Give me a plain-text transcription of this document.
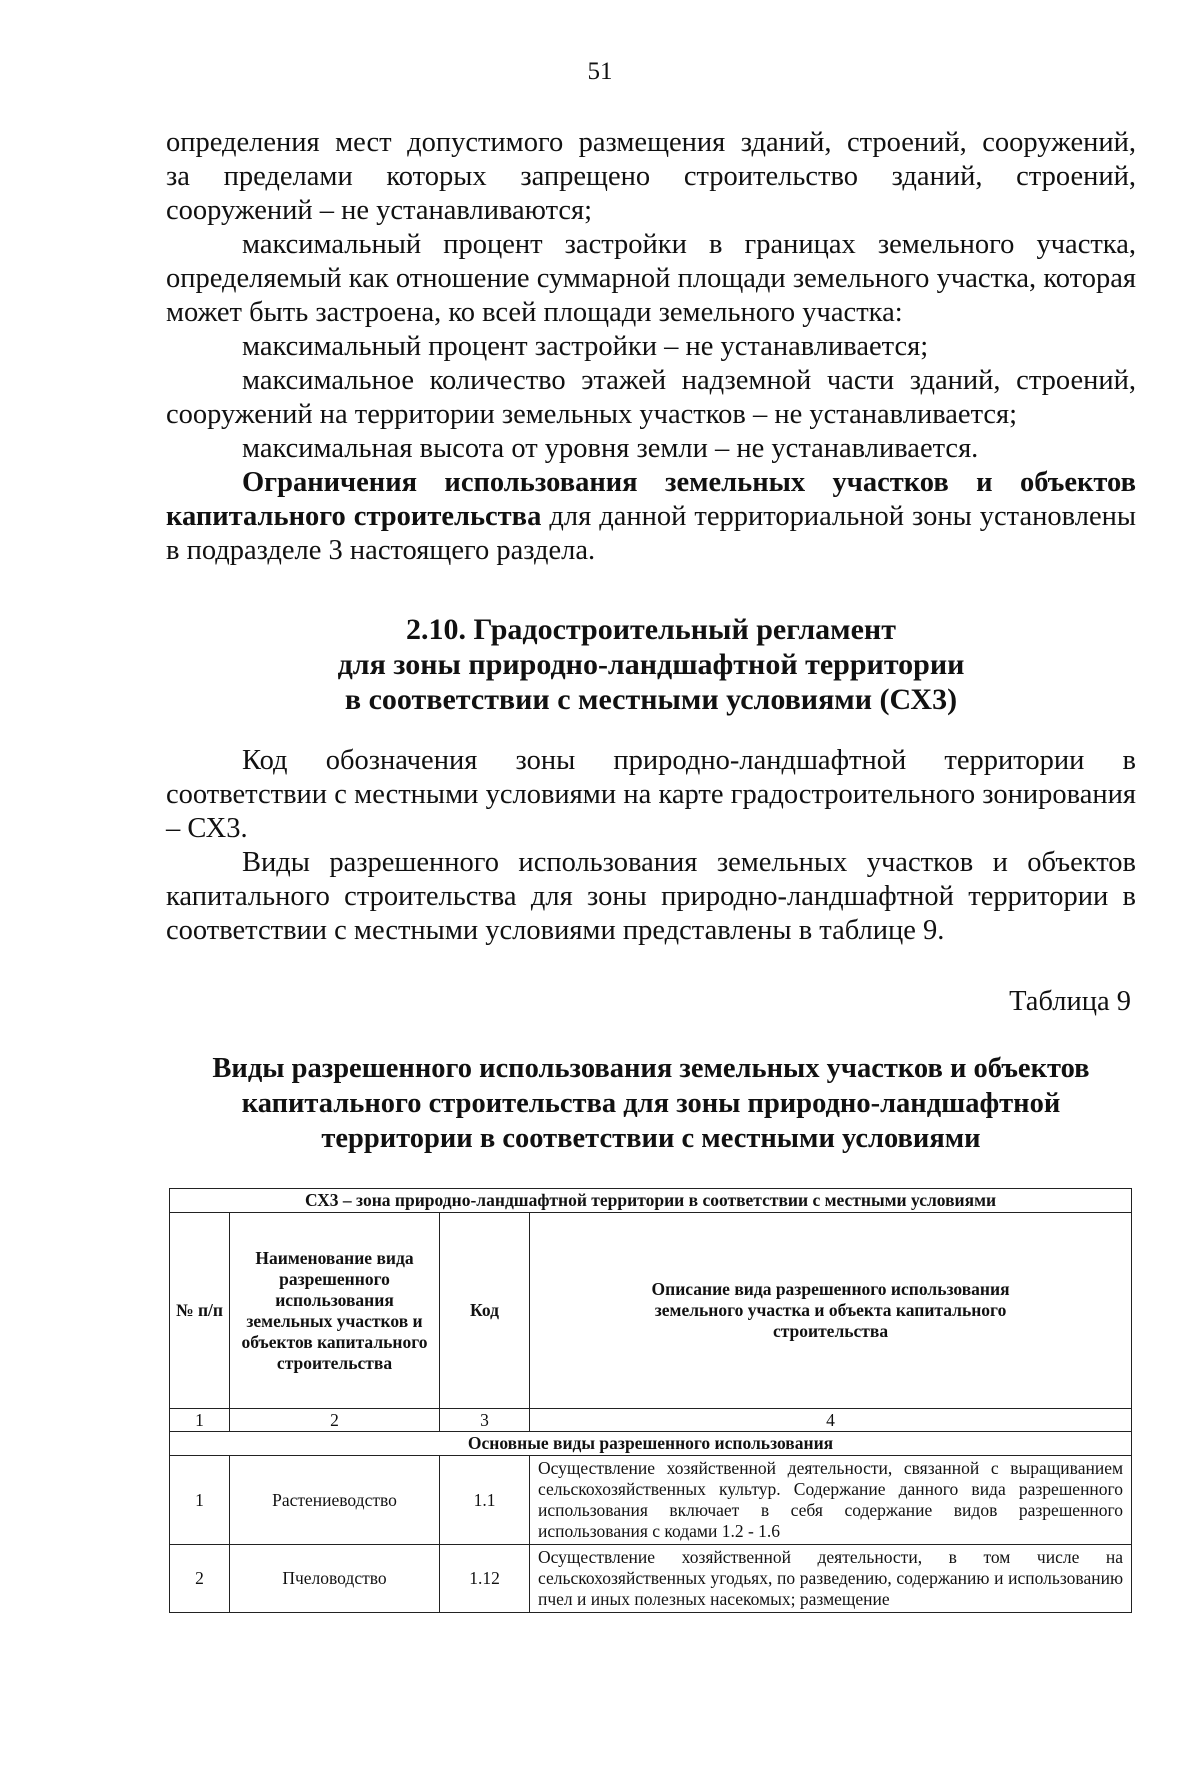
51

определения мест допустимого размещения зданий, строений, сооружений,

за пределами которых запрещено строительство зданий, строений,

сооружений – не устанавливаются;

максимальный процент застройки в границах земельного участка, определяемый как отношение суммарной площади земельного участка, которая может быть застроена, ко всей площади земельного участка:

максимальный процент застройки – не устанавливается;

максимальное количество этажей надземной части зданий, строений, сооружений на территории земельных участков – не устанавливается;

максимальная высота от уровня земли – не устанавливается.

Ограничения использования земельных участков и объектов капитального строительства для данной территориальной зоны установлены в подразделе 3 настоящего раздела.

2.10. Градостроительный регламент
для зоны природно-ландшафтной территории
в соответствии с местными условиями (СХ3)

Код обозначения зоны природно-ландшафтной территории в соответствии с местными условиями на карте градостроительного зонирования – СХ3.

Виды разрешенного использования земельных участков и объектов капитального строительства для зоны природно-ландшафтной территории в соответствии с местными условиями представлены в таблице 9.

Таблица 9
Виды разрешенного использования земельных участков и объектов
капитального строительства для зоны природно-ландшафтной
территории в соответствии с местными условиями
СХ3 – зона природно-ландшафтной территории в соответствии с местными условиями			
№ п/п	Наименование вида разрешенного использования земельных участков и объектов капитального строительства	Код	Описание вида разрешенного использования земельного участка и объекта капитального строительства
1	2	3	4
Основные виды разрешенного использования			
1	Растениеводство	1.1	Осуществление хозяйственной деятельности, связанной с выращиванием сельскохозяйственных культур. Содержание данного вида разрешенного использования включает в себя содержание видов разрешенного использования с кодами 1.2 - 1.6
2	Пчеловодство	1.12	Осуществление хозяйственной деятельности, в том числе на сельскохозяйственных угодьях, по разведению, содержанию и использованию пчел и иных полезных насекомых; размещение
